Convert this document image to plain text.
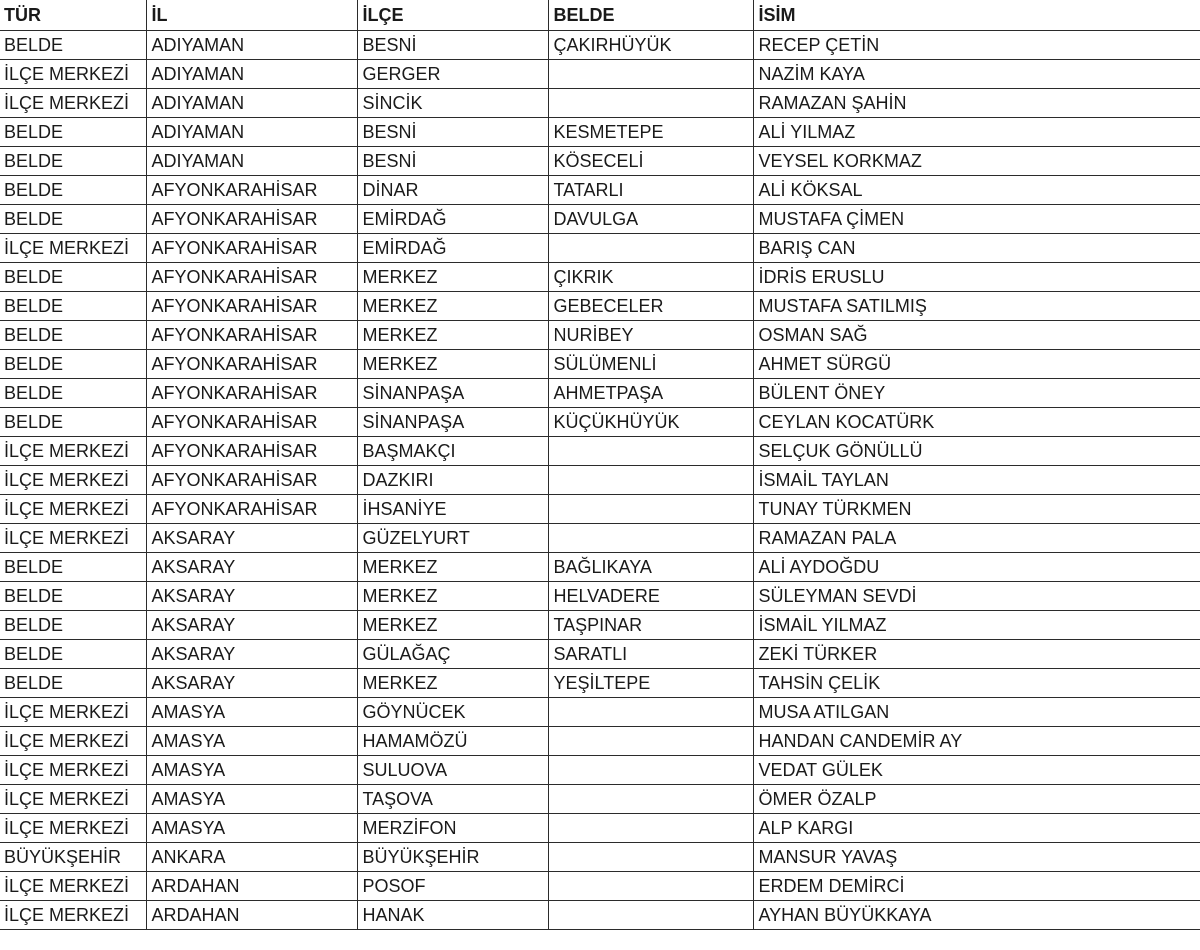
TÜR	İL	İLÇE	BELDE	İSİM
BELDE	ADIYAMAN	BESNİ	ÇAKIRHÜYÜK	RECEP ÇETİN
İLÇE MERKEZİ	ADIYAMAN	GERGER		NAZİM KAYA
İLÇE MERKEZİ	ADIYAMAN	SİNCİK		RAMAZAN ŞAHİN
BELDE	ADIYAMAN	BESNİ	KESMETEPE	ALİ YILMAZ
BELDE	ADIYAMAN	BESNİ	KÖSECELİ	VEYSEL KORKMAZ
BELDE	AFYONKARAHİSAR	DİNAR	TATARLI	ALİ KÖKSAL
BELDE	AFYONKARAHİSAR	EMİRDAĞ	DAVULGA	MUSTAFA ÇİMEN
İLÇE MERKEZİ	AFYONKARAHİSAR	EMİRDAĞ		BARIŞ CAN
BELDE	AFYONKARAHİSAR	MERKEZ	ÇIKRIK	İDRİS ERUSLU
BELDE	AFYONKARAHİSAR	MERKEZ	GEBECELER	MUSTAFA SATILMIŞ
BELDE	AFYONKARAHİSAR	MERKEZ	NURİBEY	OSMAN SAĞ
BELDE	AFYONKARAHİSAR	MERKEZ	SÜLÜMENLİ	AHMET SÜRGÜ
BELDE	AFYONKARAHİSAR	SİNANPAŞA	AHMETPAŞA	BÜLENT ÖNEY
BELDE	AFYONKARAHİSAR	SİNANPAŞA	KÜÇÜKHÜYÜK	CEYLAN KOCATÜRK
İLÇE MERKEZİ	AFYONKARAHİSAR	BAŞMAKÇI		SELÇUK GÖNÜLLÜ
İLÇE MERKEZİ	AFYONKARAHİSAR	DAZKIRI		İSMAİL TAYLAN
İLÇE MERKEZİ	AFYONKARAHİSAR	İHSANİYE		TUNAY TÜRKMEN
İLÇE MERKEZİ	AKSARAY	GÜZELYURT		RAMAZAN PALA
BELDE	AKSARAY	MERKEZ	BAĞLIKAYA	ALİ AYDOĞDU
BELDE	AKSARAY	MERKEZ	HELVADERE	SÜLEYMAN SEVDİ
BELDE	AKSARAY	MERKEZ	TAŞPINAR	İSMAİL YILMAZ
BELDE	AKSARAY	GÜLAĞAÇ	SARATLI	ZEKİ TÜRKER
BELDE	AKSARAY	MERKEZ	YEŞİLTEPE	TAHSİN ÇELİK
İLÇE MERKEZİ	AMASYA	GÖYNÜCEK		MUSA ATILGAN
İLÇE MERKEZİ	AMASYA	HAMAMÖZÜ		HANDAN CANDEMİR AY
İLÇE MERKEZİ	AMASYA	SULUOVA		VEDAT GÜLEK
İLÇE MERKEZİ	AMASYA	TAŞOVA		ÖMER ÖZALP
İLÇE MERKEZİ	AMASYA	MERZİFON		ALP KARGI
BÜYÜKŞEHİR	ANKARA	BÜYÜKŞEHİR		MANSUR YAVAŞ
İLÇE MERKEZİ	ARDAHAN	POSOF		ERDEM DEMİRCİ
İLÇE MERKEZİ	ARDAHAN	HANAK		AYHAN BÜYÜKKAYA
